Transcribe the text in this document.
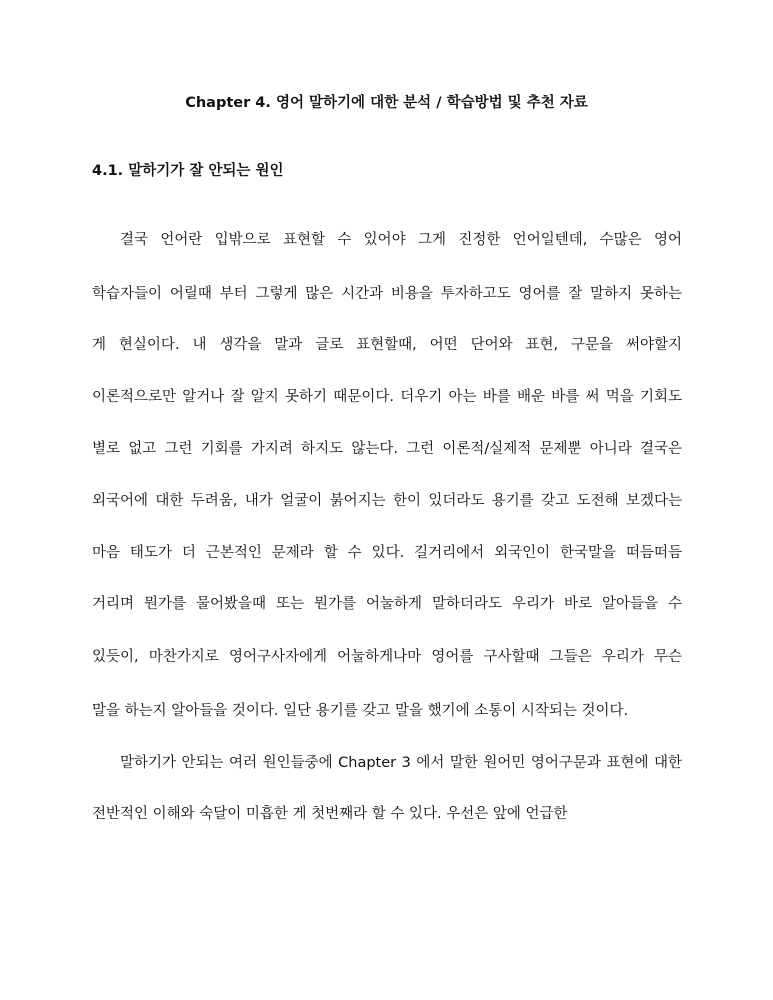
Chapter 4. 영어 말하기에 대한 분석 / 학습방법 및 추천 자료
4.1. 말하기가 잘 안되는 원인
결국 언어란 입밖으로 표현할 수 있어야 그게 진정한 언어일텐데, 수많은 영어
학습자들이 어릴때 부터 그렇게 많은 시간과 비용을 투자하고도 영어를 잘 말하지 못하는
게 현실이다. 내 생각을 말과 글로 표현할때, 어떤 단어와 표현, 구문을 써야할지
이론적으로만 알거나 잘 알지 못하기 때문이다. 더우기 아는 바를 배운 바를 써 먹을 기회도
별로 없고 그런 기회를 가지려 하지도 않는다. 그런 이론적/실제적 문제뿐 아니라 결국은
외국어에 대한 두려움, 내가 얼굴이 붉어지는 한이 있더라도 용기를 갖고 도전해 보겠다는
마음 태도가 더 근본적인 문제라 할 수 있다. 길거리에서 외국인이 한국말을 떠듬떠듬
거리며 뭔가를 물어봤을때 또는 뭔가를 어눌하게 말하더라도 우리가 바로 알아들을 수
있듯이, 마찬가지로 영어구사자에게 어눌하게나마 영어를 구사할때 그들은 우리가 무슨
말을 하는지 알아들을 것이다. 일단 용기를 갖고 말을 했기에 소통이 시작되는 것이다.
말하기가 안되는 여러 원인들중에 Chapter 3 에서 말한 원어민 영어구문과 표현에 대한
전반적인 이해와 숙달이 미흡한 게 첫번째라 할 수 있다. 우선은 앞에 언급한
